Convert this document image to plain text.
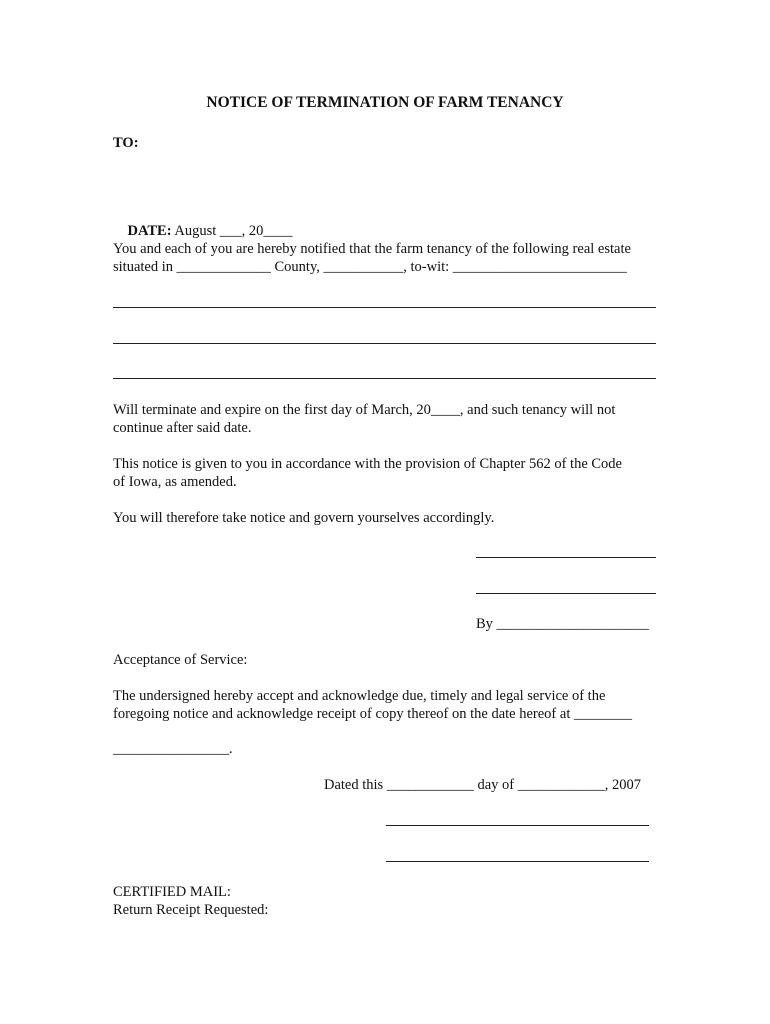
NOTICE OF TERMINATION OF FARM TENANCY
TO:

DATE: August ___, 20____

You and each of you are hereby notified that the farm tenancy of the following real estate
situated in _____________ County, ___________, to-wit: ________________________
Will terminate and expire on the first day of March, 20____, and such tenancy will not
continue after said date.
This notice is given to you in accordance with the provision of Chapter 562 of the Code
of Iowa, as amended.
You will therefore take notice and govern yourselves accordingly.
By _____________________
Acceptance of Service:
The undersigned hereby accept and acknowledge due, timely and legal service of the
foregoing notice and acknowledge receipt of copy thereof on the date hereof at ________
________________.
Dated this ____________ day of ____________, 2007
CERTIFIED MAIL:
Return Receipt Requested:
